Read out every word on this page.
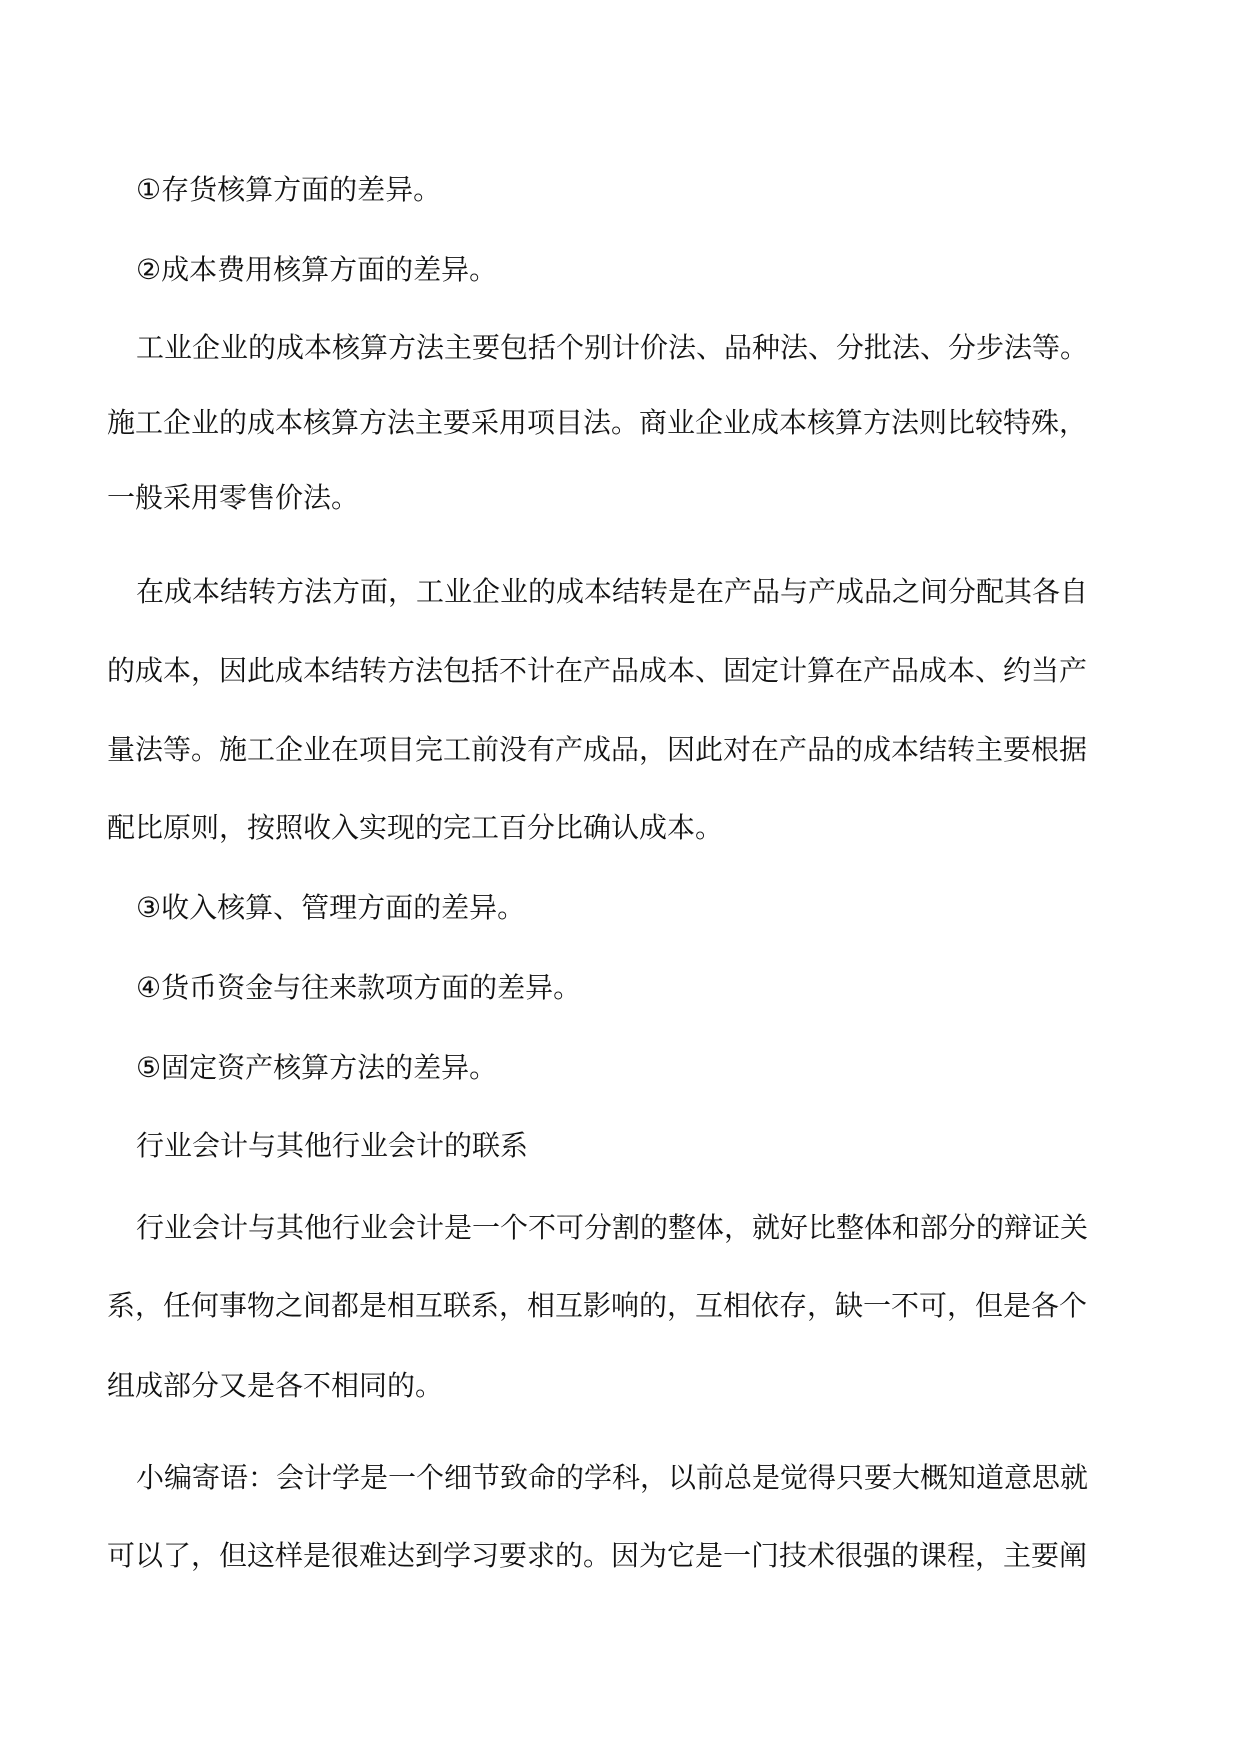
①存货核算方面的差异。
②成本费用核算方面的差异。
工业企业的成本核算方法主要包括个别计价法、品种法、分批法、分步法等。
施工企业的成本核算方法主要采用项目法。商业企业成本核算方法则比较特殊，
一般采用零售价法。
在成本结转方法方面，工业企业的成本结转是在产品与产成品之间分配其各自
的成本，因此成本结转方法包括不计在产品成本、固定计算在产品成本、约当产
量法等。施工企业在项目完工前没有产成品，因此对在产品的成本结转主要根据
配比原则，按照收入实现的完工百分比确认成本。
③收入核算、管理方面的差异。
④货币资金与往来款项方面的差异。
⑤固定资产核算方法的差异。
行业会计与其他行业会计的联系
行业会计与其他行业会计是一个不可分割的整体，就好比整体和部分的辩证关
系，任何事物之间都是相互联系，相互影响的，互相依存，缺一不可，但是各个
组成部分又是各不相同的。
小编寄语：会计学是一个细节致命的学科，以前总是觉得只要大概知道意思就
可以了，但这样是很难达到学习要求的。因为它是一门技术很强的课程，主要阐
